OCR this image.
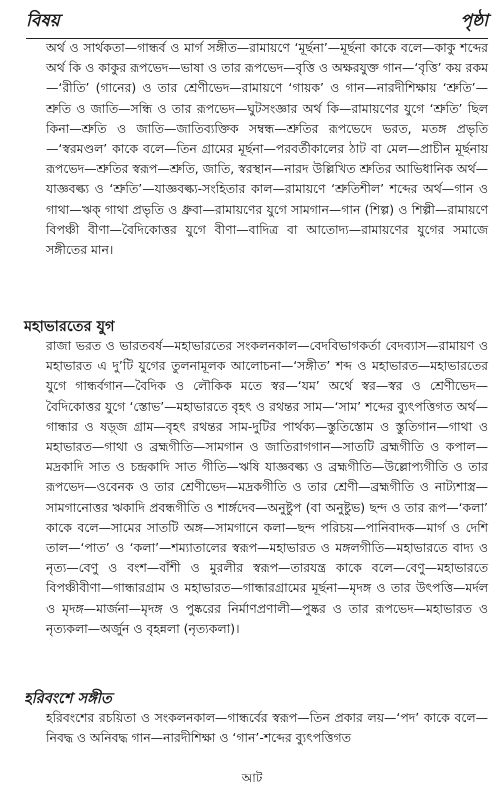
বিষয়	পৃষ্ঠা
অর্থ ও সার্থকতা—গান্ধর্ব ও মার্গ সঙ্গীত—রামায়ণে ‘মূর্ছনা’—মূর্ছনা কাকে বলে—কাকু শব্দের অর্থ কি ও কাকুর রূপভেদ—ভাষা ও তার রূপভেদ—বৃত্তি ও অক্ষরযুক্ত গান—‘বৃত্তি’ কয় রকম—‘রীতি’ (গানের) ও তার শ্রেণীভেদ—রামায়ণে ‘গায়ক’ ও গান—নারদীশিক্ষায় ‘শ্রুতি’—শ্রুতি ও জাতি—সন্ধি ও তার রূপভেদ—ঘুটসংজ্ঞার অর্থ কি—রামায়ণের যুগে ‘শ্রুতি’ ছিল কিনা—শ্রুতি ও জাতি—জাতিব্যক্তিক সম্বন্ধ—শ্রুতির রূপভেদে ভরত, মতঙ্গ প্রভৃতি—‘স্বরমণ্ডল’ কাকে বলে—তিন গ্রামের মূর্ছনা—পরবর্তীকালের ঠাট বা মেল—প্রাচীন মূর্ছনায় রূপভেদ—শ্রুতির স্বরূপ—শ্রুতি, জাতি, স্বরস্থান—নারদ উল্লিখিত শ্রুতির আভিধানিক অর্থ—যাজ্ঞবল্ক্য ও ‘শ্রুতি’—যাজ্ঞবল্ক্য-সংহিতার কাল—রামায়ণে ‘শ্রুতিশীল’ শব্দের অর্থ—গান ও গাথা—ঋক্‌ গাথা প্রভৃতি ও ধ্রুবা—রামায়ণের যুগে সামগান—গান (শিল্প) ও শিল্পী—রামায়ণে বিপঞ্চী বীণা—বৈদিকোত্তর যুগে বীণা—বাদিত্র বা আতোদ্য—রামায়ণের যুগের সমাজে সঙ্গীতের মান।
মহাভারতের যুগ
রাজা ভরত ও ভারতবর্ষ—মহাভারতের সংকলনকাল—বেদবিভাগকর্তা বেদব্যাস—রামায়ণ ও মহাভারত এ দু’টি যুগের তুলনামূলক আলোচনা—‘সঙ্গীত’ শব্দ ও মহাভারত—মহাভারতের যুগে গান্ধর্বগান—বৈদিক ও লৌকিক মতে স্বর—‘যম’ অর্থে স্বর—স্বর ও শ্রেণীভেদ—বৈদিকোত্তর যুগে ‘স্তোভ’—মহাভারতে বৃহৎ ও রথন্তর সাম—‘সাম’ শব্দের ব্যুৎপত্তিগত অর্থ—গান্ধার ও ষড়্‌জ গ্রাম—বৃহৎ রথন্তর সাম-দুটির পার্থক্য—স্তুতিস্তোম ও স্তুতিগান—গাথা ও মহাভারত—গাথা ও ব্রহ্মগীতি—সামগান ও জাতিরাগগান—সাতটি ব্রহ্মগীতি ও কপাল—মদ্রকাদি সাত ও চন্দ্রকাদি সাত গীতি—ঋষি যাজ্ঞবল্ক্য ও ব্রহ্মগীতি—উল্লোপ্যগীতি ও তার রূপভেদ—ওবেনক ও তার শ্রেণীভেদ—মদ্রকগীতি ও তার শ্রেণী—ব্রহ্মগীতি ও নাট্যশাস্ত্র—সামগানোত্তর ঋকাদি প্রবন্ধগীতি ও শার্ঙ্গদেব—অনুষ্টুপ (বা অনুষ্টুভ) ছন্দ ও তার রূপ—‘কলা’ কাকে বলে—সামের সাতটি অঙ্গ—সামগানে কলা—ছন্দ পরিচয়—পানিবাদক—মার্গ ও দেশি তাল—‘পাত’ ও ‘কলা’—শম্যাতালের স্বরূপ—মহাভারত ও মঙ্গলগীতি—মহাভারতে বাদ্য ও নৃত্য—বেণু ও বংশ—বাঁশী ও মুরলীর স্বরূপ—তারযন্ত্র কাকে বলে—বেণু—মহাভারতে বিপঞ্চীবীণা—গান্ধারগ্রাম ও মহাভারত—গান্ধারগ্রামের মূর্ছনা—মৃদঙ্গ ও তার উৎপত্তি—মর্দল ও মৃদঙ্গ—মার্জনা—মৃদঙ্গ ও পুষ্করের নির্মাণপ্রণালী—পুষ্কর ও তার রূপভেদ—মহাভারত ও নৃত্যকলা—অর্জুন ও বৃহন্নলা (নৃত্যকলা)।
হরিবংশে সঙ্গীত
হরিবংশের রচয়িতা ও সংকলনকাল—গান্ধর্বের স্বরূপ—তিন প্রকার লয়—‘পদ’ কাকে বলে—নিবদ্ধ ও অনিবদ্ধ গান—নারদীশিক্ষা ও ‘গান’-শব্দের ব্যুৎপত্তিগত
আট
